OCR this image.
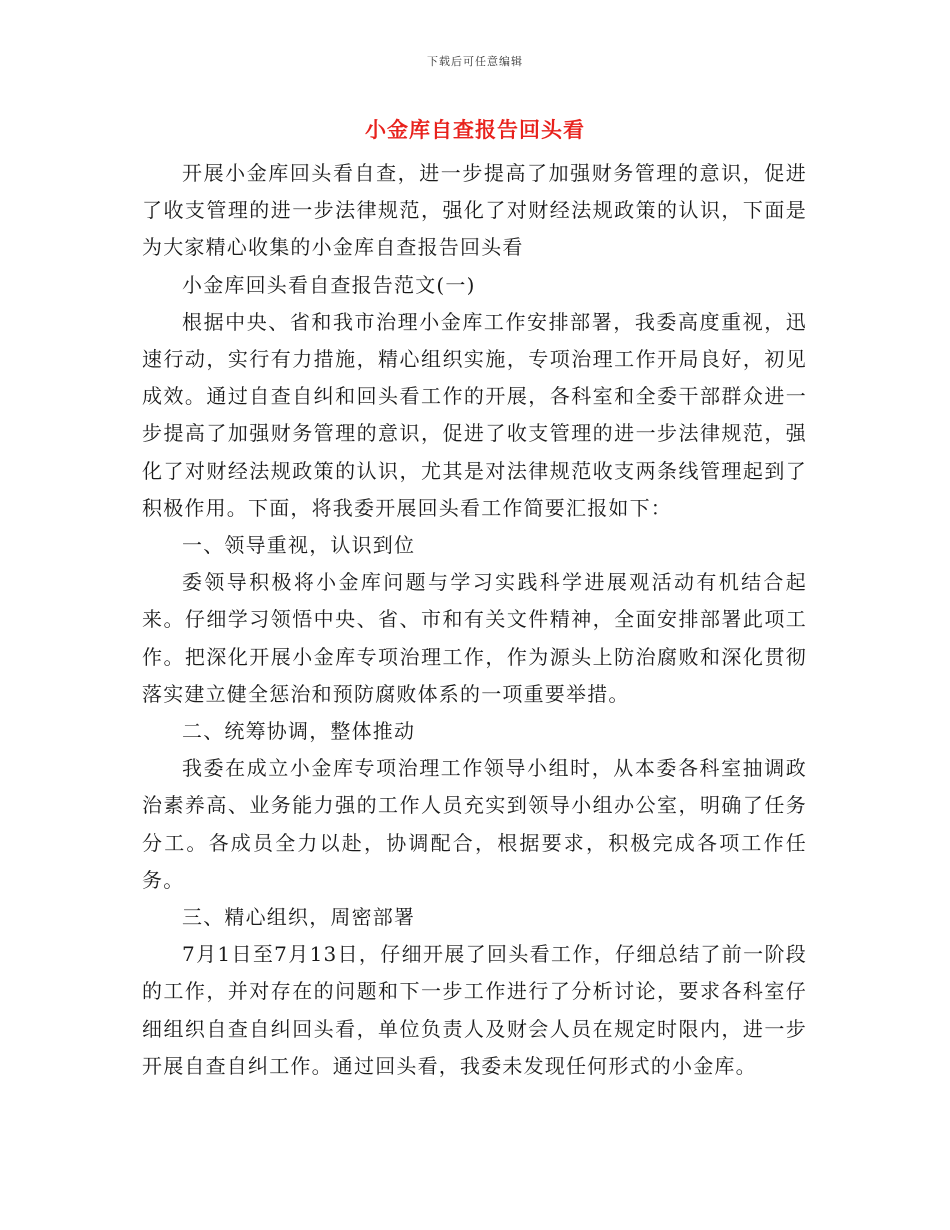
下载后可任意编辑
小金库自查报告回头看

开展小金库回头看自查，进一步提高了加强财务管理的意识，促进了收支管理的进一步法律规范，强化了对财经法规政策的认识，下面是为大家精心收集的小金库自查报告回头看

小金库回头看自查报告范文(一)

根据中央、省和我市治理小金库工作安排部署，我委高度重视，迅速行动，实行有力措施，精心组织实施，专项治理工作开局良好，初见成效。通过自查自纠和回头看工作的开展，各科室和全委干部群众进一步提高了加强财务管理的意识，促进了收支管理的进一步法律规范，强化了对财经法规政策的认识，尤其是对法律规范收支两条线管理起到了积极作用。下面，将我委开展回头看工作简要汇报如下：

一、领导重视，认识到位

委领导积极将小金库问题与学习实践科学进展观活动有机结合起来。仔细学习领悟中央、省、市和有关文件精神，全面安排部署此项工作。把深化开展小金库专项治理工作，作为源头上防治腐败和深化贯彻落实建立健全惩治和预防腐败体系的一项重要举措。

二、统筹协调，整体推动

我委在成立小金库专项治理工作领导小组时，从本委各科室抽调政治素养高、业务能力强的工作人员充实到领导小组办公室，明确了任务分工。各成员全力以赴，协调配合，根据要求，积极完成各项工作任务。

三、精心组织，周密部署

7月1日至7月13日，仔细开展了回头看工作，仔细总结了前一阶段的工作，并对存在的问题和下一步工作进行了分析讨论，要求各科室仔细组织自查自纠回头看，单位负责人及财会人员在规定时限内，进一步开展自查自纠工作。通过回头看，我委未发现任何形式的小金库。
